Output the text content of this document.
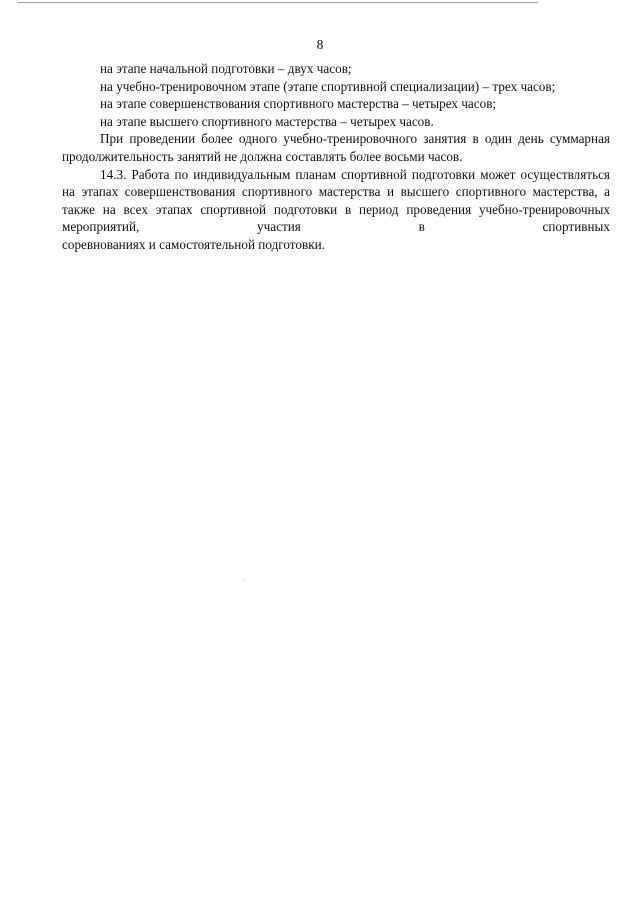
8

на этапе начальной подготовки – двух часов;

на учебно-тренировочном этапе (этапе спортивной специализации) – трех часов;

на этапе совершенствования спортивного мастерства – четырех часов;

на этапе высшего спортивного мастерства – четырех часов.

При проведении более одного учебно-тренировочного занятия в один день суммарная продолжительность занятий не должна составлять более восьми часов.

14.3. Работа по индивидуальным планам спортивной подготовки может осуществляться на этапах совершенствования спортивного мастерства и высшего спортивного мастерства, а также на всех этапах спортивной подготовки в период проведения учебно-тренировочных мероприятий, участия в спортивных

соревнованиях и самостоятельной подготовки.
